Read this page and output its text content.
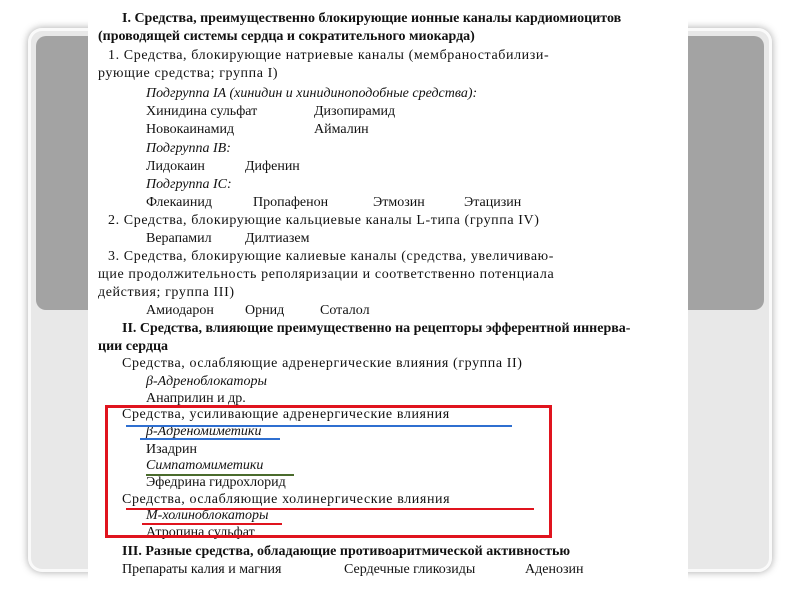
I. Средства, преимущественно блокирующие ионные каналы кардиомиоцитов
(проводящей системы сердца и сократительного миокарда)
1. Средства, блокирующие натриевые каналы (мембраностабилизи-
рующие средства; группа I)
Подгруппа IA (хинидин и хинидиноподобные средства):
Хинидина сульфат	Дизопирамид
Новокаинамид	Аймалин
Подгруппа IB:
Лидокаин	Дифенин
Подгруппа IC:
Флекаинид	Пропафенон	Этмозин	Этацизин
2. Средства, блокирующие кальциевые каналы L-типа (группа IV)
Верапамил Дилтиазем
3. Средства, блокирующие калиевые каналы (средства, увеличиваю-
щие продолжительность реполяризации и соответственно потенциала
действия; группа III)
Амиодарон Орнид	Соталол
II. Средства, влияющие преимущественно на рецепторы эфферентной иннерва-
ции сердца
Средства, ослабляющие адренергические влияния (группа II)
β-Адреноблокаторы
Анаприлин и др.
Средства, усиливающие адренергические влияния
β-Адреномиметики
Изадрин
Симпатомиметики
Эфедрина гидрохлорид
Средства, ослабляющие холинергические влияния
М-холиноблокаторы
Атропина сульфат
III. Разные средства, обладающие противоаритмической активностью
Препараты калия и магния	Сердечные гликозиды	Аденозин
